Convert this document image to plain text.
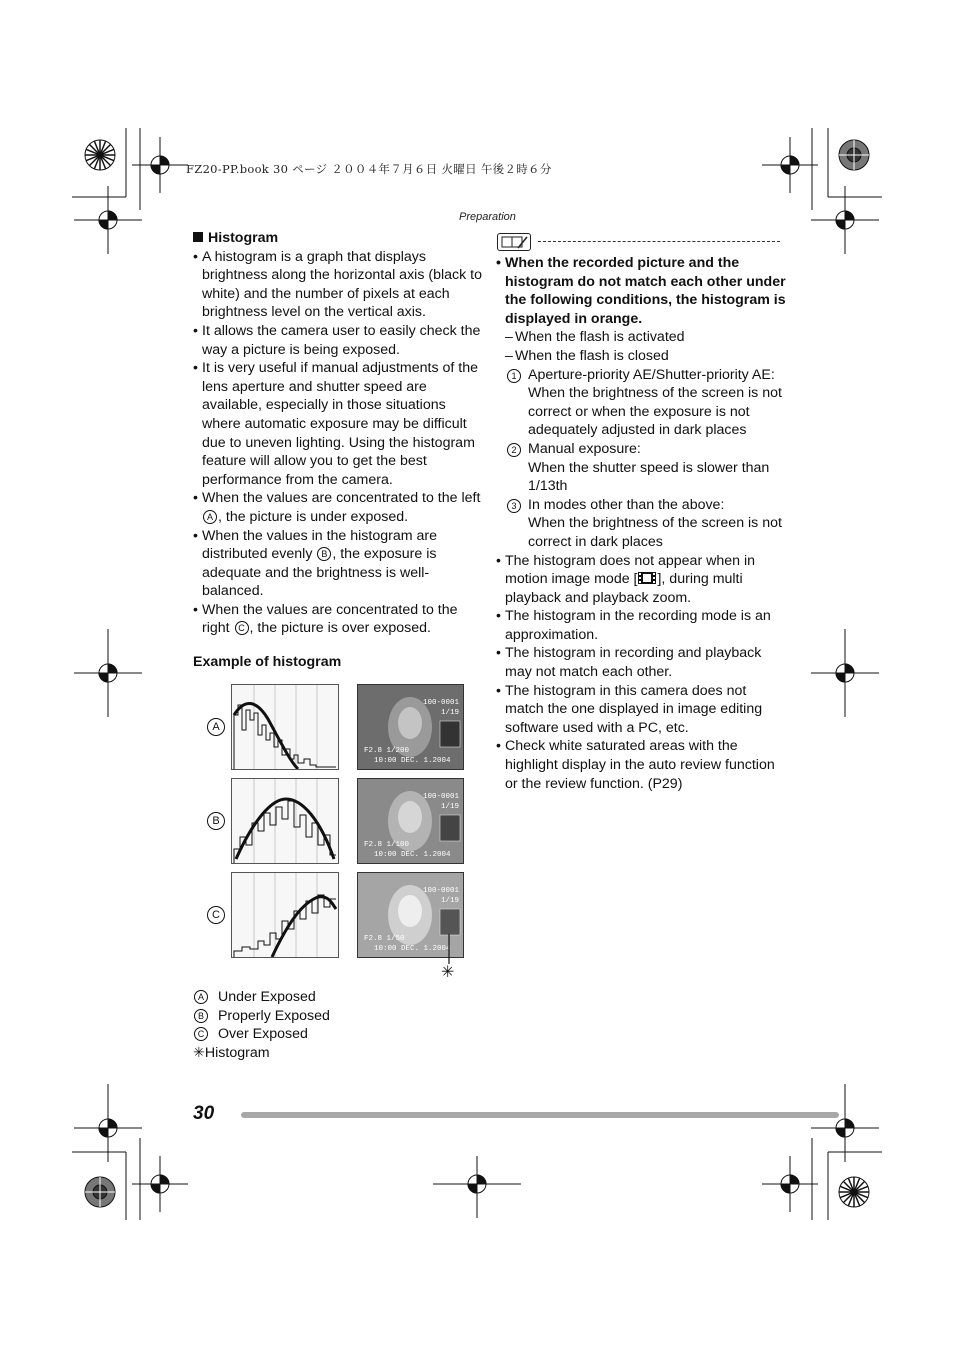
FZ20-PP.book 30 ページ ２００４年７月６日 火曜日 午後２時６分
Preparation
Histogram
• A histogram is a graph that displays brightness along the horizontal axis (black to white) and the number of pixels at each brightness level on the vertical axis.
• It allows the camera user to easily check the way a picture is being exposed.
• It is very useful if manual adjustments of the lens aperture and shutter speed are available, especially in those situations where automatic exposure may be difficult due to uneven lighting. Using the histogram feature will allow you to get the best performance from the camera.
• When the values are concentrated to the left A , the picture is under exposed.
• When the values in the histogram are distributed evenly B , the exposure is adequate and the brightness is well-balanced.
• When the values are concentrated to the right C , the picture is over exposed.
Example of histogram
A
B
C
100-0001
1/19
F2.8 1/200
10:00 DEC. 1.2004
100-0001
1/19
F2.8 1/100
10:00 DEC. 1.2004
100-0001
1/19
F2.8 1/50
10:00 DEC. 1.2004
✳
A Under Exposed
B Properly Exposed
C Over Exposed
✳Histogram
• When the recorded picture and the histogram do not match each other under the following conditions, the histogram is displayed in orange.
– When the flash is activated
– When the flash is closed
1 Aperture-priority AE/Shutter-priority AE:
When the brightness of the screen is not correct or when the exposure is not adequately adjusted in dark places
2 Manual exposure:
When the shutter speed is slower than 1/13th
3 In modes other than the above:
When the brightness of the screen is not correct in dark places
• The histogram does not appear when in motion image mode [ ], during multi playback and playback zoom.
• The histogram in the recording mode is an approximation.
• The histogram in recording and playback may not match each other.
• The histogram in this camera does not match the one displayed in image editing software used with a PC, etc.
• Check white saturated areas with the highlight display in the auto review function or the review function. (P29)
30
